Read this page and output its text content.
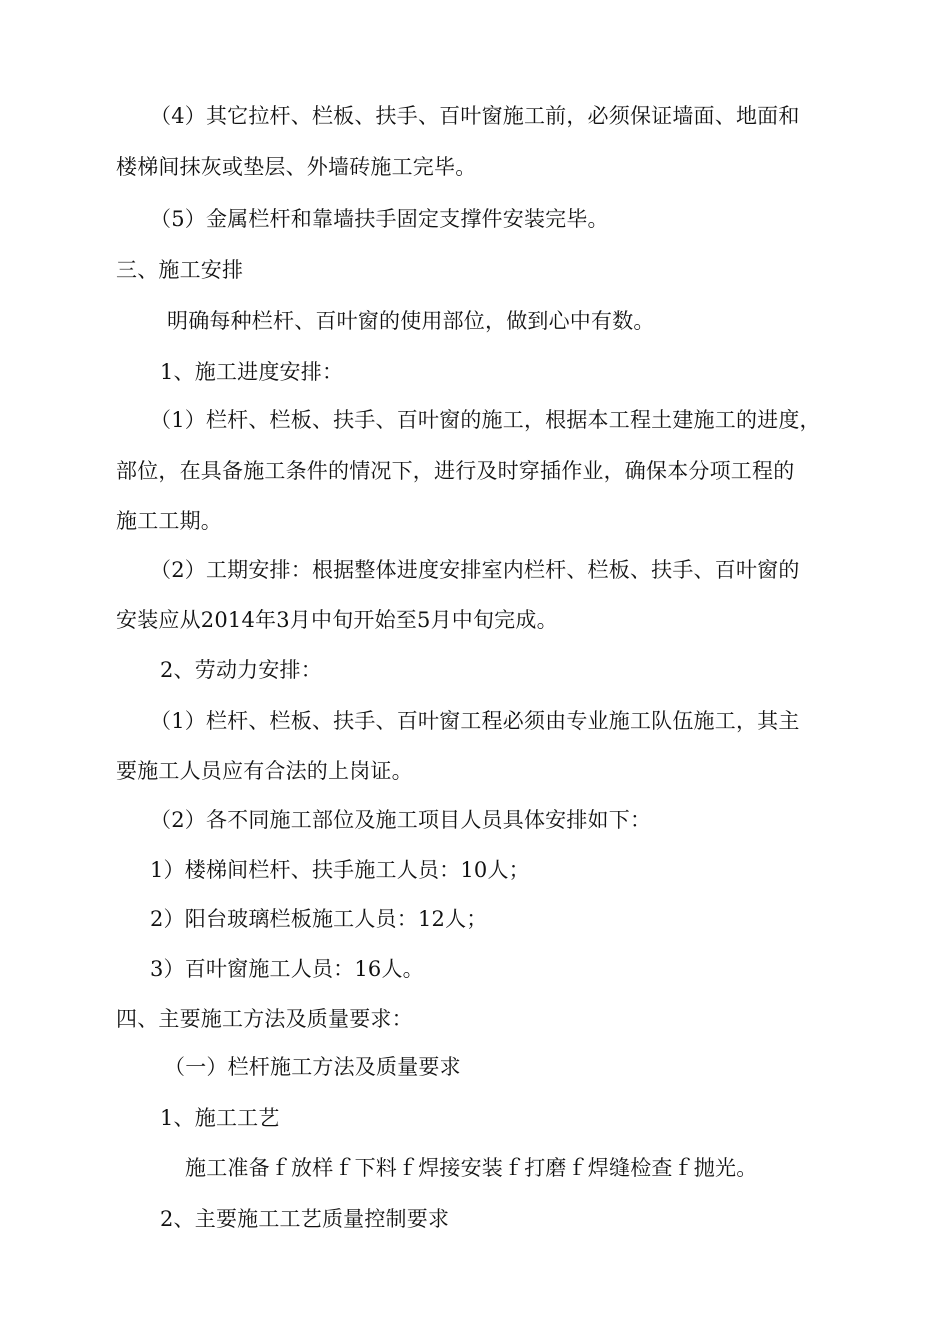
（4）其它拉杆、栏板、扶手、百叶窗施工前，必须保证墙面、地面和
楼梯间抹灰或垫层、外墙砖施工完毕。
（5）金属栏杆和靠墙扶手固定支撑件安装完毕。
三、施工安排
明确每种栏杆、百叶窗的使用部位，做到心中有数。
1、施工进度安排：
（1）栏杆、栏板、扶手、百叶窗的施工，根据本工程土建施工的进度，
部位，在具备施工条件的情况下，进行及时穿插作业，确保本分项工程的
施工工期。
（2）工期安排：根据整体进度安排室内栏杆、栏板、扶手、百叶窗的
安装应从2014年3月中旬开始至5月中旬完成。
2、劳动力安排：
（1）栏杆、栏板、扶手、百叶窗工程必须由专业施工队伍施工，其主
要施工人员应有合法的上岗证。
（2）各不同施工部位及施工项目人员具体安排如下：
1）楼梯间栏杆、扶手施工人员：10人；
2）阳台玻璃栏板施工人员：12人；
3）百叶窗施工人员：16人。
四、主要施工方法及质量要求：
（一）栏杆施工方法及质量要求
1、施工工艺
施工准备ｆ放样ｆ下料ｆ焊接安装ｆ打磨ｆ焊缝检查ｆ抛光。
2、主要施工工艺质量控制要求
